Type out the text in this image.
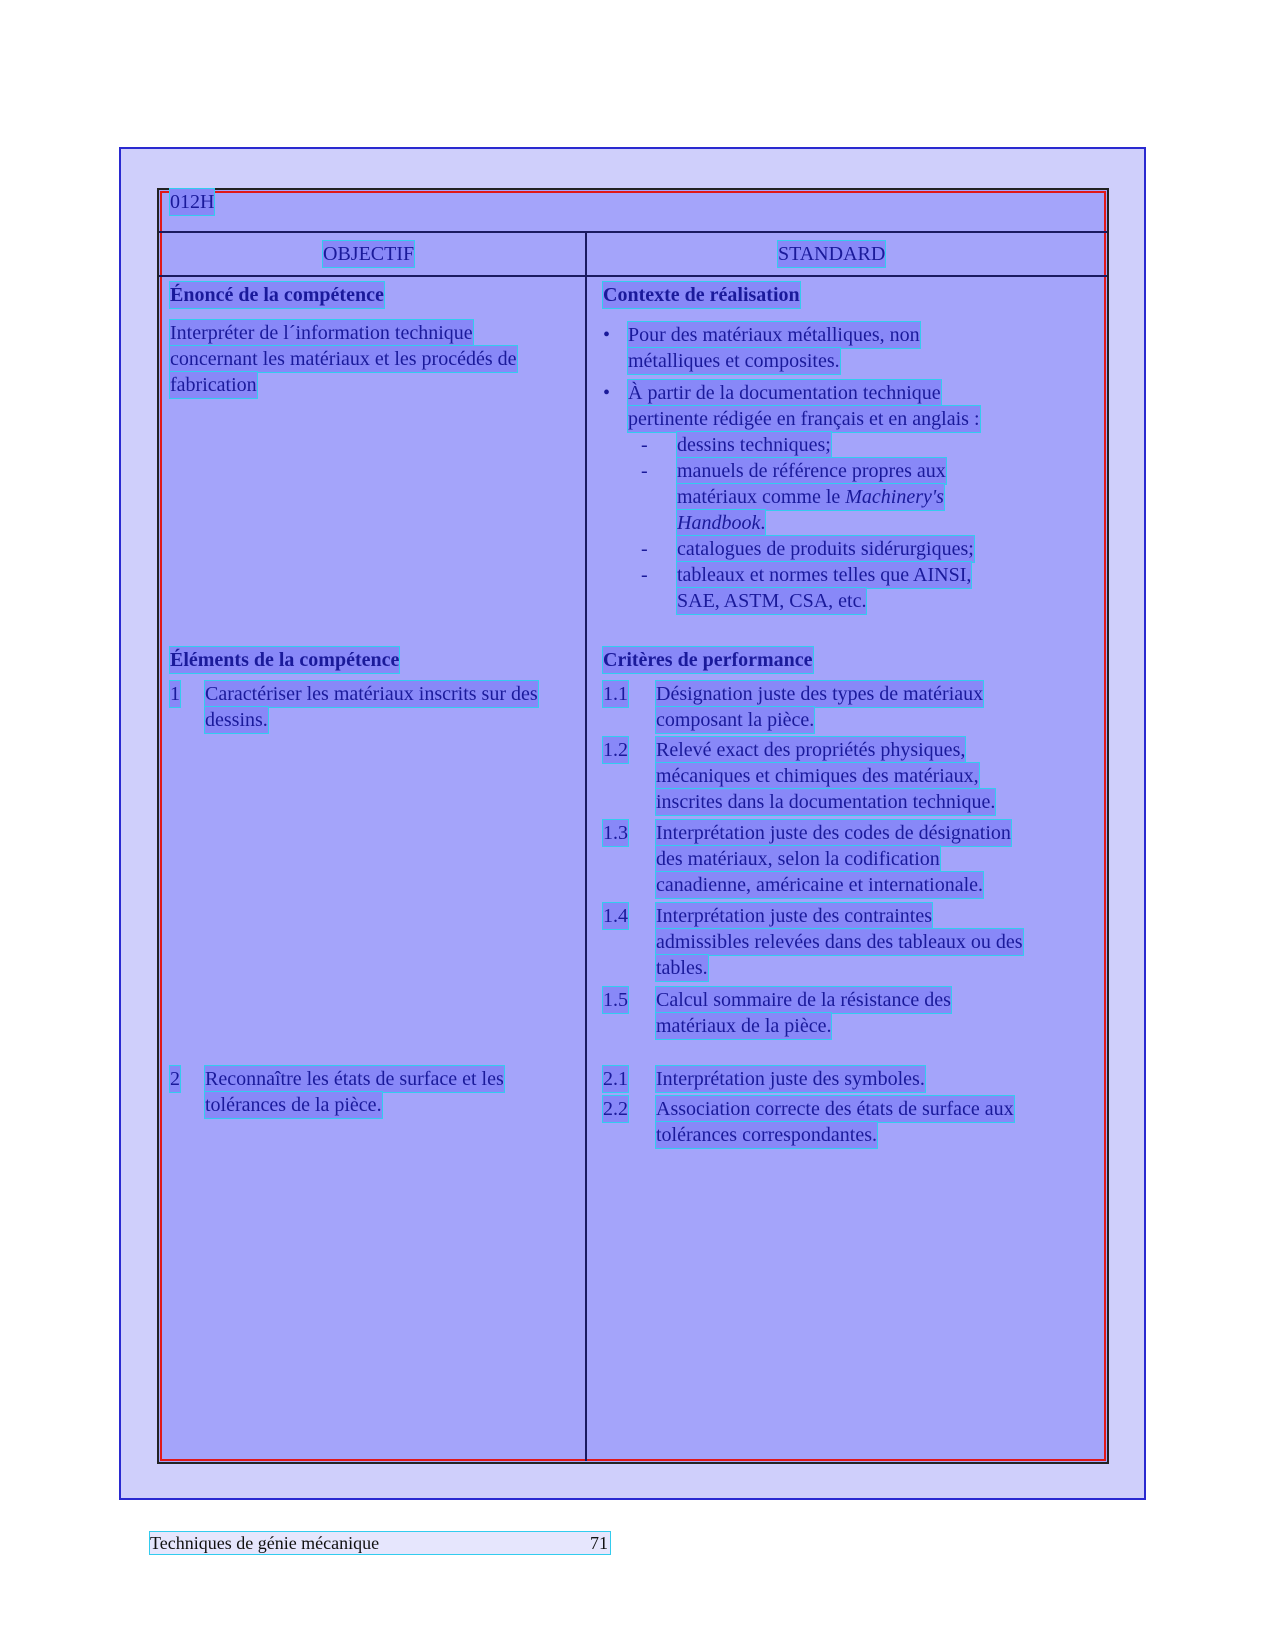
012H
OBJECTIF	STANDARD
Énoncé de la compétence
Interpréter de l´information technique
concernant les matériaux et les procédés de
fabrication
Contexte de réalisation
• Pour des matériaux métalliques, non
métalliques et composites.
• À partir de la documentation technique
pertinente rédigée en français et en anglais :
- dessins techniques;
- manuels de référence propres aux
matériaux comme le Machinery's
Handbook.
- catalogues de produits sidérurgiques;
- tableaux et normes telles que AINSI,
SAE, ASTM, CSA, etc.
Éléments de la compétence
1 Caractériser les matériaux inscrits sur des
dessins.
2 Reconnaître les états de surface et les
tolérances de la pièce.
Critères de performance
1.1 Désignation juste des types de matériaux
composant la pièce.
1.2 Relevé exact des propriétés physiques,
mécaniques et chimiques des matériaux,
inscrites dans la documentation technique.
1.3 Interprétation juste des codes de désignation
des matériaux, selon la codification
canadienne, américaine et internationale.
1.4 Interprétation juste des contraintes
admissibles relevées dans des tableaux ou des
tables.
1.5 Calcul sommaire de la résistance des
matériaux de la pièce.
2.1 Interprétation juste des symboles.
2.2 Association correcte des états de surface aux
tolérances correspondantes.
Techniques de génie mécanique	71
